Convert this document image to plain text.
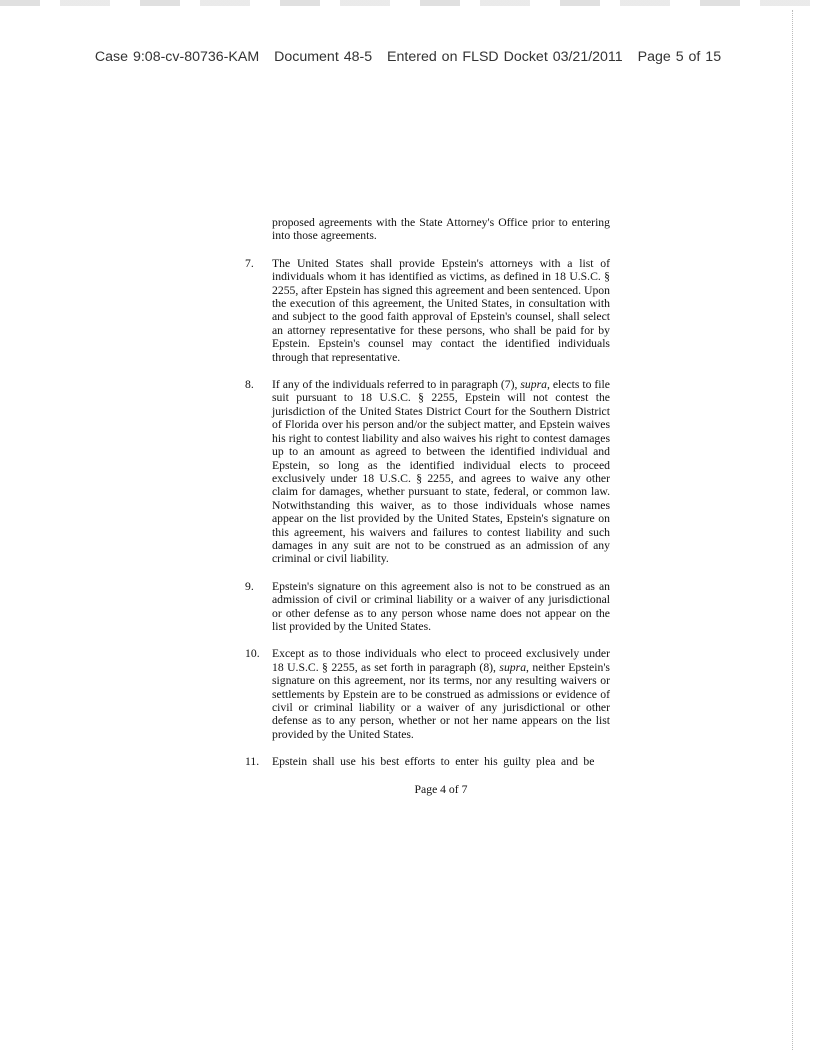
Case 9:08-cv-80736-KAM Document 48-5 Entered on FLSD Docket 03/21/2011 Page 5 of 15
proposed agreements with the State Attorney's Office prior to entering into those agreements.
7.	The United States shall provide Epstein's attorneys with a list of individuals whom it has identified as victims, as defined in 18 U.S.C. § 2255, after Epstein has signed this agreement and been sentenced. Upon the execution of this agreement, the United States, in consultation with and subject to the good faith approval of Epstein's counsel, shall select an attorney representative for these persons, who shall be paid for by Epstein. Epstein's counsel may contact the identified individuals through that representative.
8.	If any of the individuals referred to in paragraph (7), supra, elects to file suit pursuant to 18 U.S.C. § 2255, Epstein will not contest the jurisdiction of the United States District Court for the Southern District of Florida over his person and/or the subject matter, and Epstein waives his right to contest liability and also waives his right to contest damages up to an amount as agreed to between the identified individual and Epstein, so long as the identified individual elects to proceed exclusively under 18 U.S.C. § 2255, and agrees to waive any other claim for damages, whether pursuant to state, federal, or common law. Notwithstanding this waiver, as to those individuals whose names appear on the list provided by the United States, Epstein's signature on this agreement, his waivers and failures to contest liability and such damages in any suit are not to be construed as an admission of any criminal or civil liability.
9.	Epstein's signature on this agreement also is not to be construed as an admission of civil or criminal liability or a waiver of any jurisdictional or other defense as to any person whose name does not appear on the list provided by the United States.
10.	Except as to those individuals who elect to proceed exclusively under 18 U.S.C. § 2255, as set forth in paragraph (8), supra, neither Epstein's signature on this agreement, nor its terms, nor any resulting waivers or settlements by Epstein are to be construed as admissions or evidence of civil or criminal liability or a waiver of any jurisdictional or other defense as to any person, whether or not her name appears on the list provided by the United States.
11.	Epstein shall use his best efforts to enter his guilty plea and be
Page 4 of 7
